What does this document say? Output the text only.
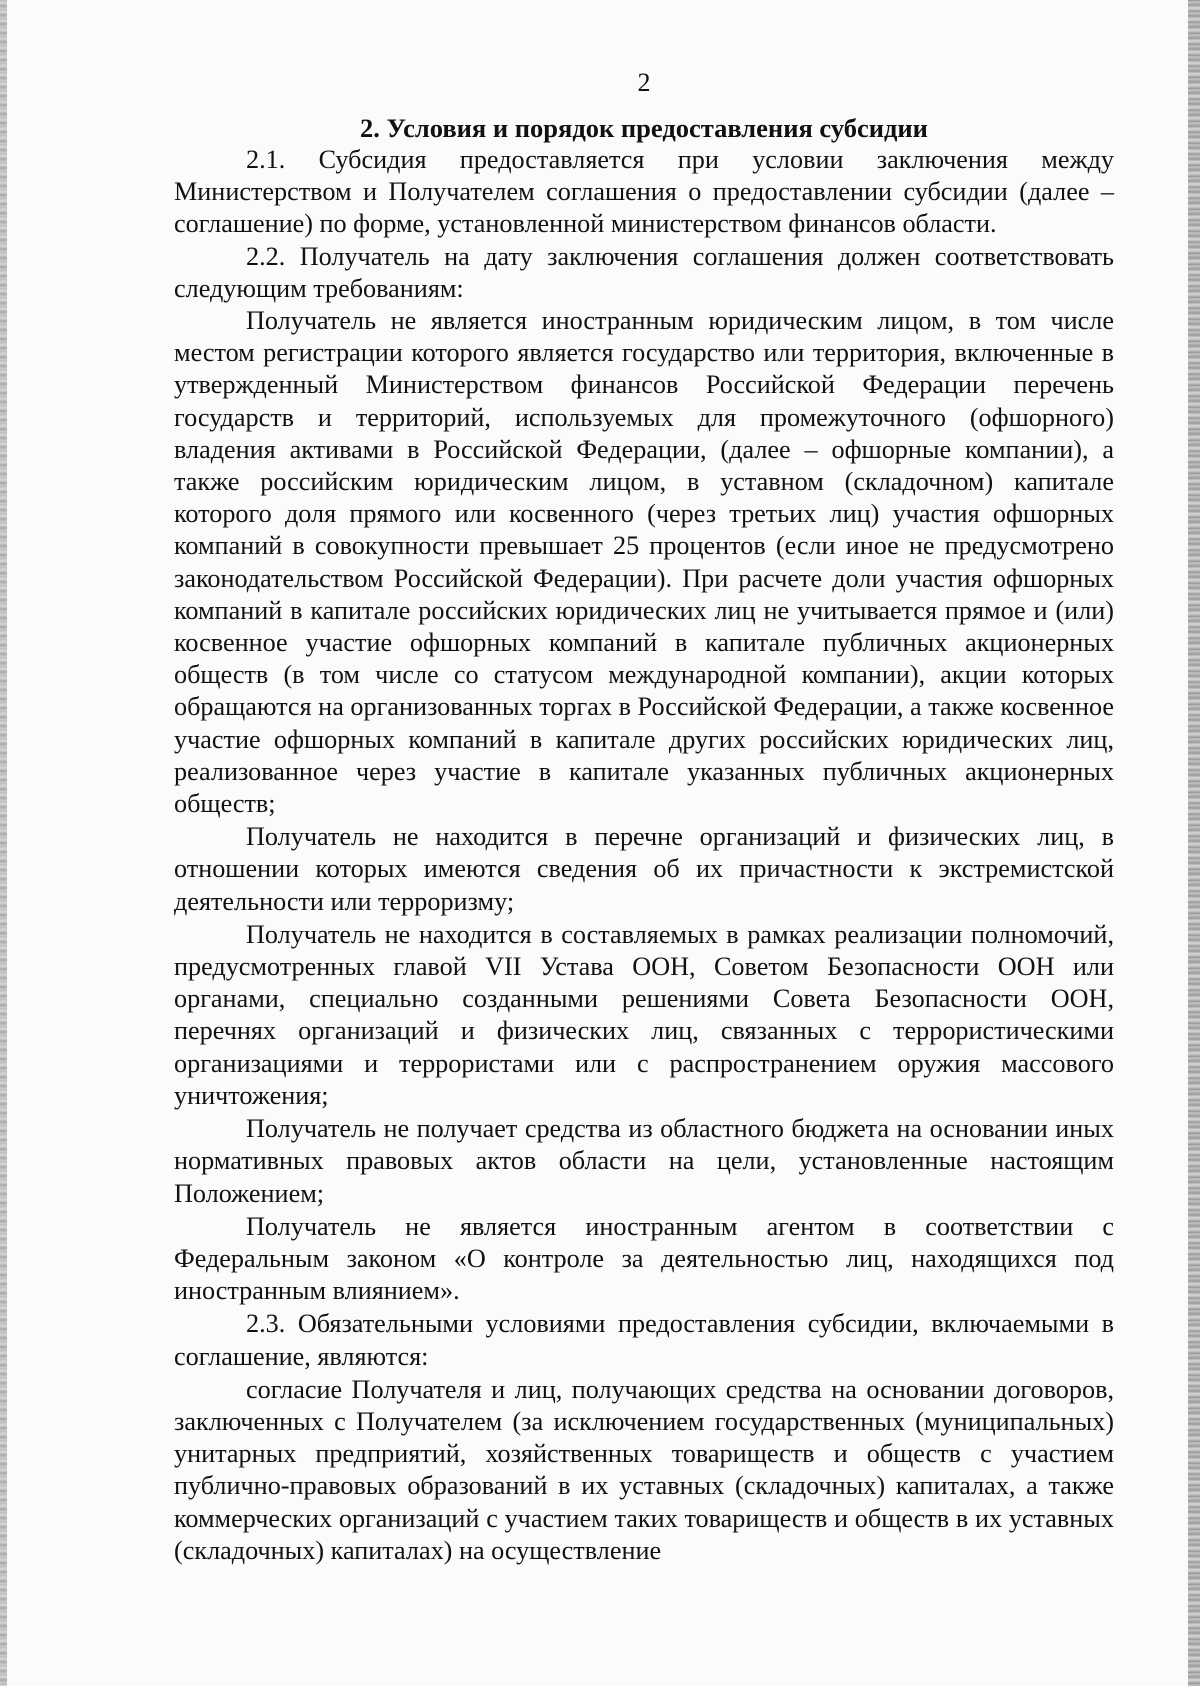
2

2. Условия и порядок предоставления субсидии

2.1. Субсидия предоставляется при условии заключения между Министерством и Получателем соглашения о предоставлении субсидии (далее – соглашение) по форме, установленной министерством финансов области.

2.2. Получатель на дату заключения соглашения должен соответствовать следующим требованиям:

Получатель не является иностранным юридическим лицом, в том числе местом регистрации которого является государство или территория, включенные в утвержденный Министерством финансов Российской Федерации перечень государств и территорий, используемых для промежуточного (офшорного) владения активами в Российской Федерации, (далее – офшорные компании), а также российским юридическим лицом, в уставном (складочном) капитале которого доля прямого или косвенного (через третьих лиц) участия офшорных компаний в совокупности превышает 25 процентов (если иное не предусмотрено законодательством Российской Федерации). При расчете доли участия офшорных компаний в капитале российских юридических лиц не учитывается прямое и (или) косвенное участие офшорных компаний в капитале публичных акционерных обществ (в том числе со статусом международной компании), акции которых обращаются на организованных торгах в Российской Федерации, а также косвенное участие офшорных компаний в капитале других российских юридических лиц, реализованное через участие в капитале указанных публичных акционерных обществ;

Получатель не находится в перечне организаций и физических лиц, в отношении которых имеются сведения об их причастности к экстремистской деятельности или терроризму;

Получатель не находится в составляемых в рамках реализации полномочий, предусмотренных главой VII Устава ООН, Советом Безопасности ООН или органами, специально созданными решениями Совета Безопасности ООН, перечнях организаций и физических лиц, связанных с террористическими организациями и террористами или с распространением оружия массового уничтожения;

Получатель не получает средства из областного бюджета на основании иных нормативных правовых актов области на цели, установленные настоящим Положением;

Получатель не является иностранным агентом в соответствии с Федеральным законом «О контроле за деятельностью лиц, находящихся под иностранным влиянием».

2.3. Обязательными условиями предоставления субсидии, включаемыми в соглашение, являются:

согласие Получателя и лиц, получающих средства на основании договоров, заключенных с Получателем (за исключением государственных (муниципальных) унитарных предприятий, хозяйственных товариществ и обществ с участием публично-правовых образований в их уставных (складочных) капиталах, а также коммерческих организаций с участием таких товариществ и обществ в их уставных (складочных) капиталах) на осуществление
